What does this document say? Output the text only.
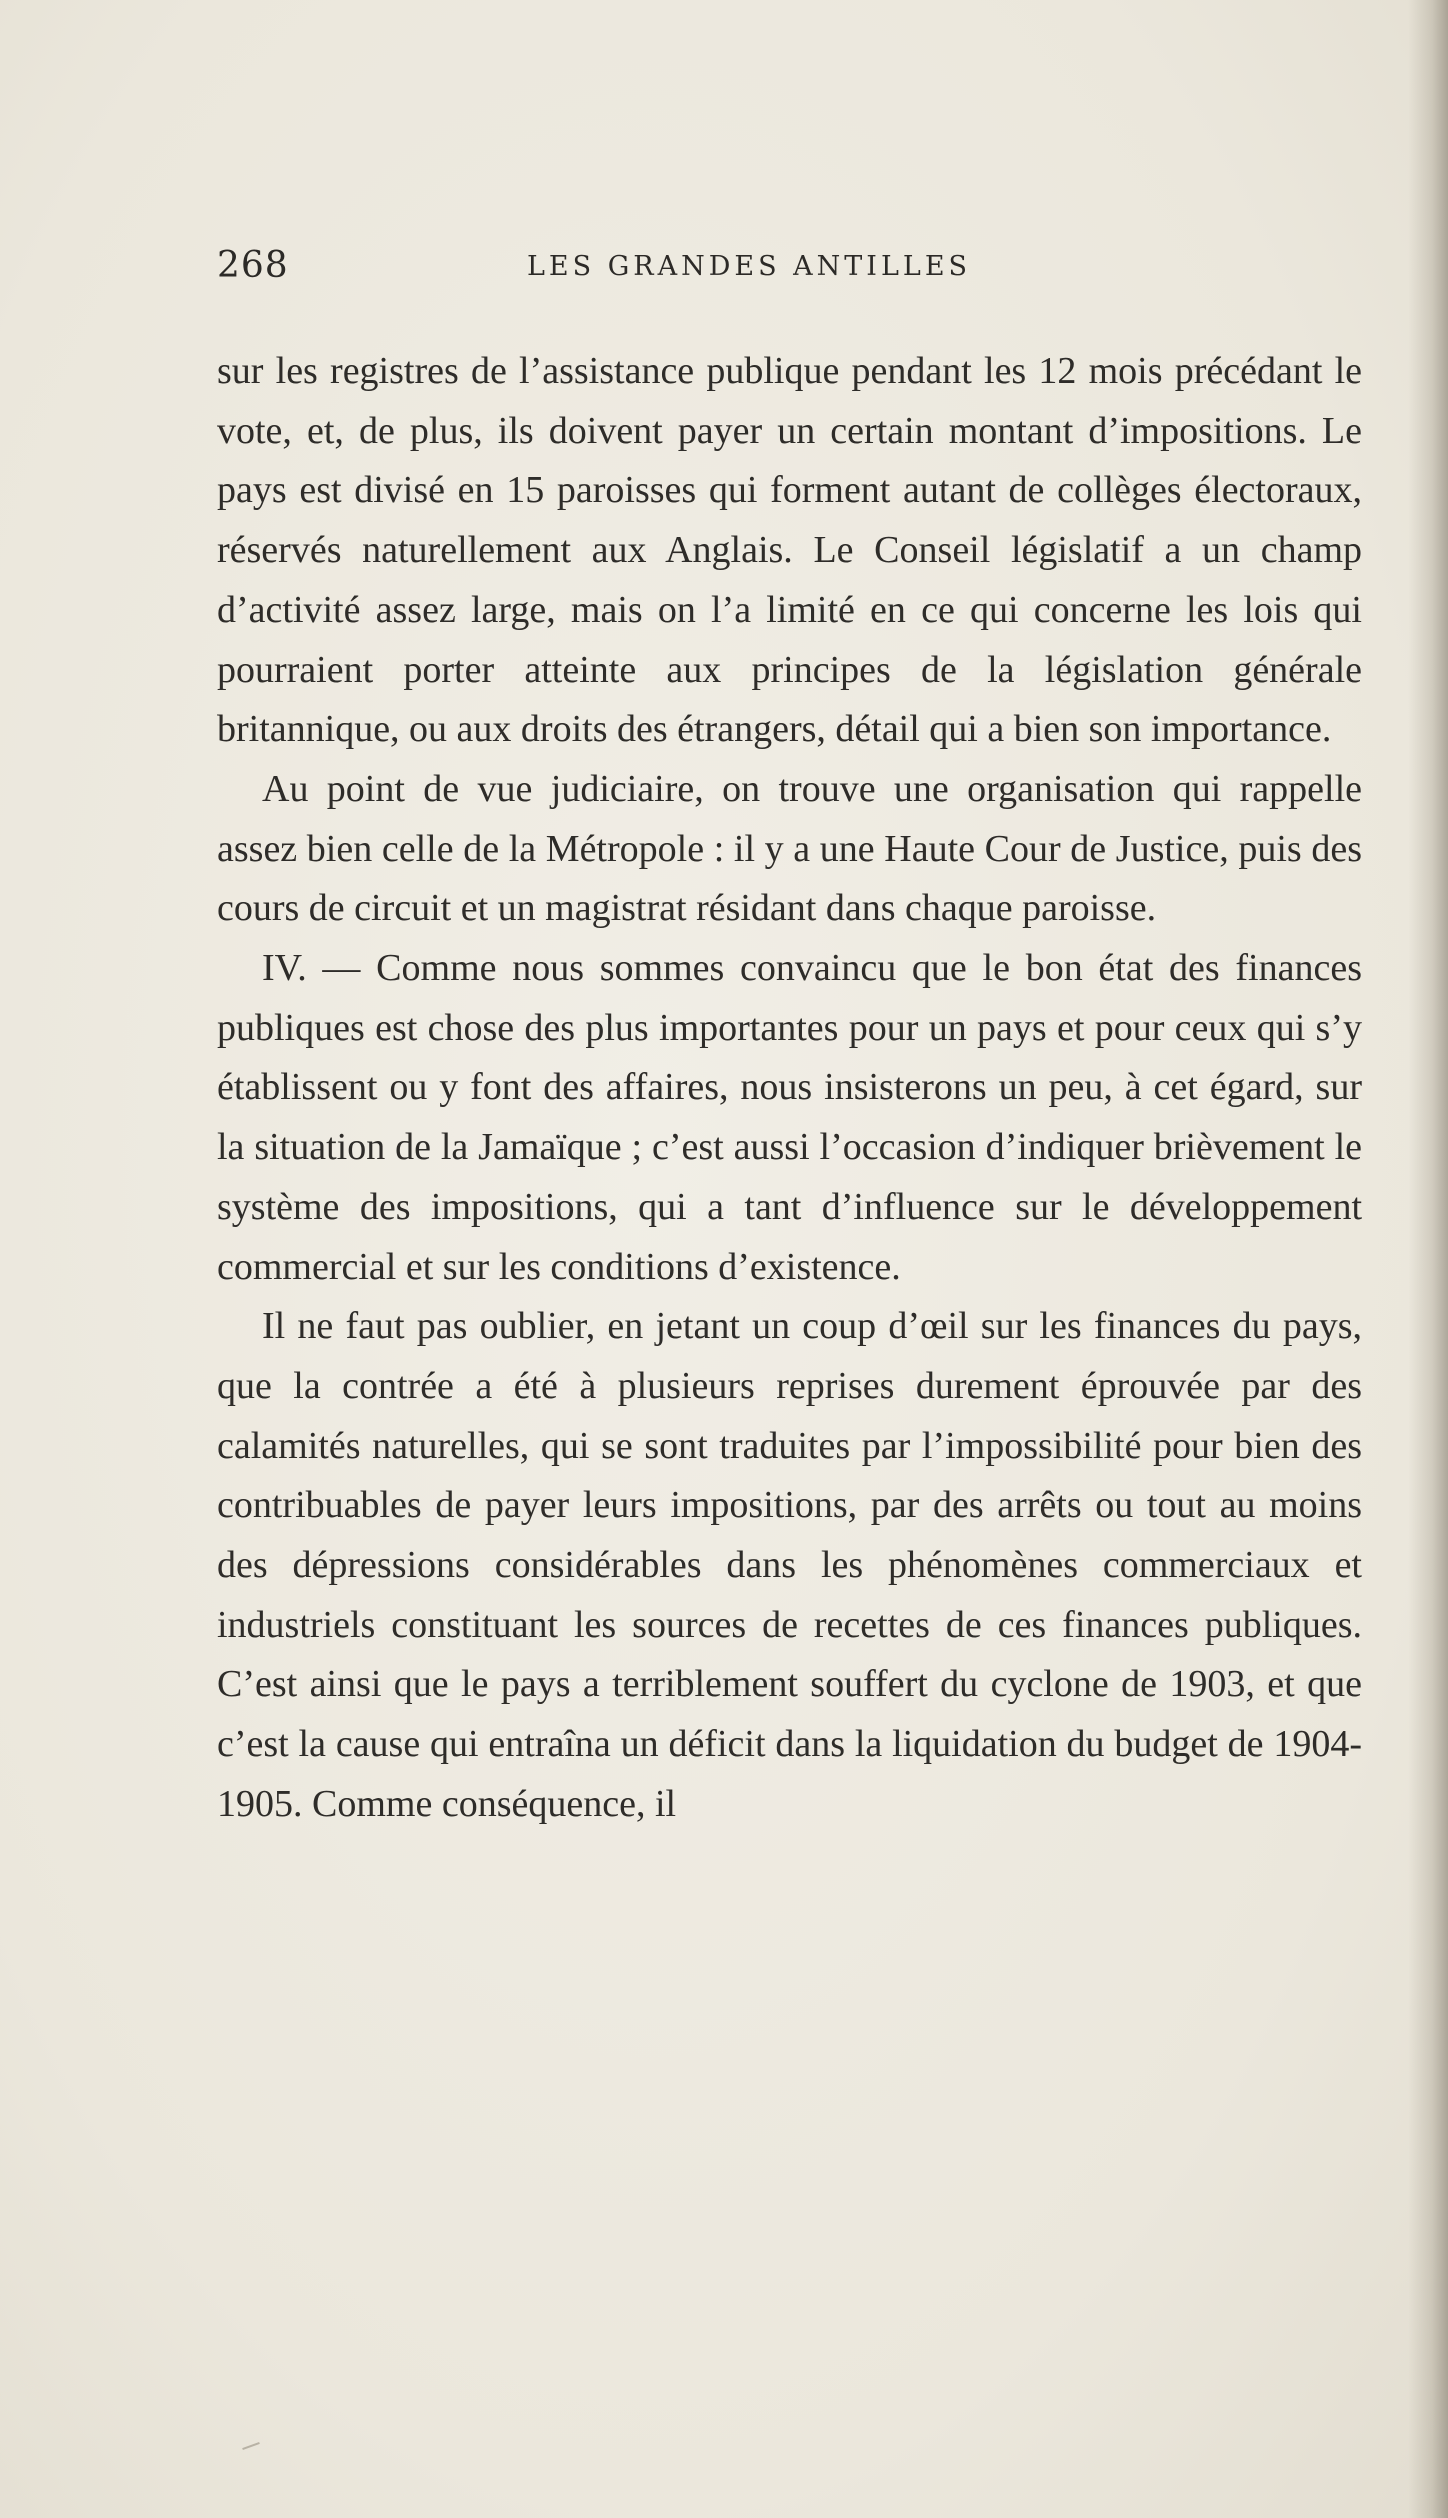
268	LES GRANDES ANTILLES

sur les registres de l’assistance publique pendant les 12 mois précédant le vote, et, de plus, ils doivent payer un certain montant d’impositions. Le pays est divisé en 15 paroisses qui forment autant de collèges électoraux, réservés naturellement aux Anglais. Le Conseil législatif a un champ d’activité assez large, mais on l’a limité en ce qui concerne les lois qui pourraient porter atteinte aux principes de la législation générale britannique, ou aux droits des étrangers, détail qui a bien son importance.

Au point de vue judiciaire, on trouve une organisation qui rappelle assez bien celle de la Métropole : il y a une Haute Cour de Justice, puis des cours de circuit et un magistrat résidant dans chaque paroisse.

IV. — Comme nous sommes convaincu que le bon état des finances publiques est chose des plus importantes pour un pays et pour ceux qui s’y établissent ou y font des affaires, nous insisterons un peu, à cet égard, sur la situation de la Jamaïque ; c’est aussi l’occasion d’indiquer brièvement le système des impositions, qui a tant d’influence sur le développement commercial et sur les conditions d’existence.

Il ne faut pas oublier, en jetant un coup d’œil sur les finances du pays, que la contrée a été à plusieurs reprises durement éprouvée par des calamités naturelles, qui se sont traduites par l’impossibilité pour bien des contribuables de payer leurs impositions, par des arrêts ou tout au moins des dépressions considérables dans les phénomènes commerciaux et industriels constituant les sources de recettes de ces finances publiques. C’est ainsi que le pays a terriblement souffert du cyclone de 1903, et que c’est la cause qui entraîna un déficit dans la liquidation du budget de 1904-1905. Comme conséquence, il
